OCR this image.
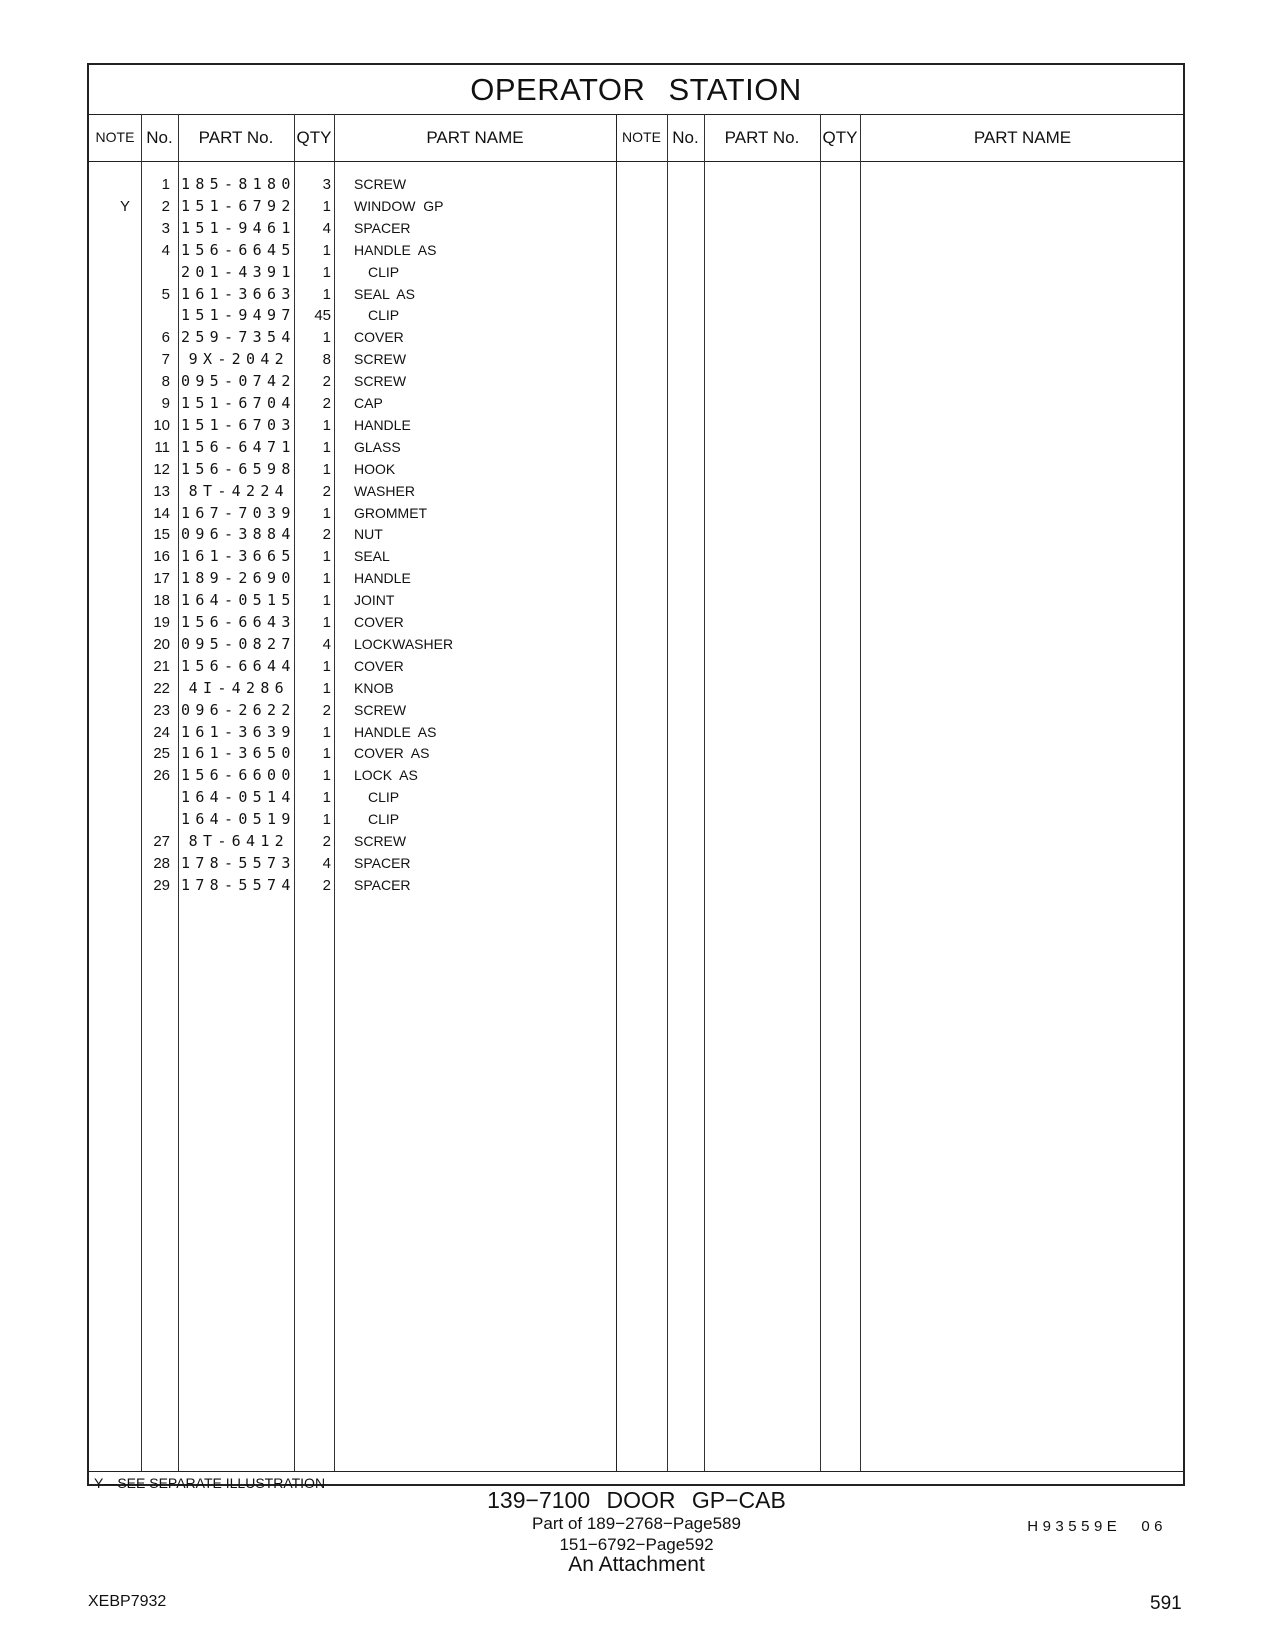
OPERATOR STATION
NOTE No.	PART No.	QTY	PART NAME	NOTE No.	PART No.	QTY	PART NAME
1 185-8180	3 SCREW
Y	2 151-6792	1 WINDOW  GP
3 151-9461	4 SPACER
4 156-6645	1 HANDLE  AS
201-4391	1	CLIP
5 161-3663	1 SEAL  AS
151-9497	45	CLIP
6 259-7354	1 COVER
7	9X-2042	8 SCREW
8 095-0742	2 SCREW
9 151-6704	2 CAP
10 151-6703	1 HANDLE
11 156-6471	1 GLASS
12 156-6598	1 HOOK
13	8T-4224	2 WASHER
14 167-7039	1 GROMMET
15 096-3884	2 NUT
16 161-3665	1 SEAL
17 189-2690	1 HANDLE
18 164-0515	1 JOINT
19 156-6643	1 COVER
20 095-0827	4 LOCKWASHER
21 156-6644	1 COVER
22	4I-4286	1 KNOB
23 096-2622	2 SCREW
24 161-3639	1 HANDLE  AS
25 161-3650	1 COVER  AS
26 156-6600	1 LOCK  AS
164-0514	1	CLIP
164-0519	1	CLIP
27	8T-6412	2 SCREW
28 178-5573	4 SPACER
29 178-5574	2 SPACER
Y—SEE SEPARATE ILLUSTRATION
H93559E 06
139−7100 DOOR GP−CAB
Part of 189−2768−Page589
151−6792−Page592
An Attachment
XEBP7932	591
